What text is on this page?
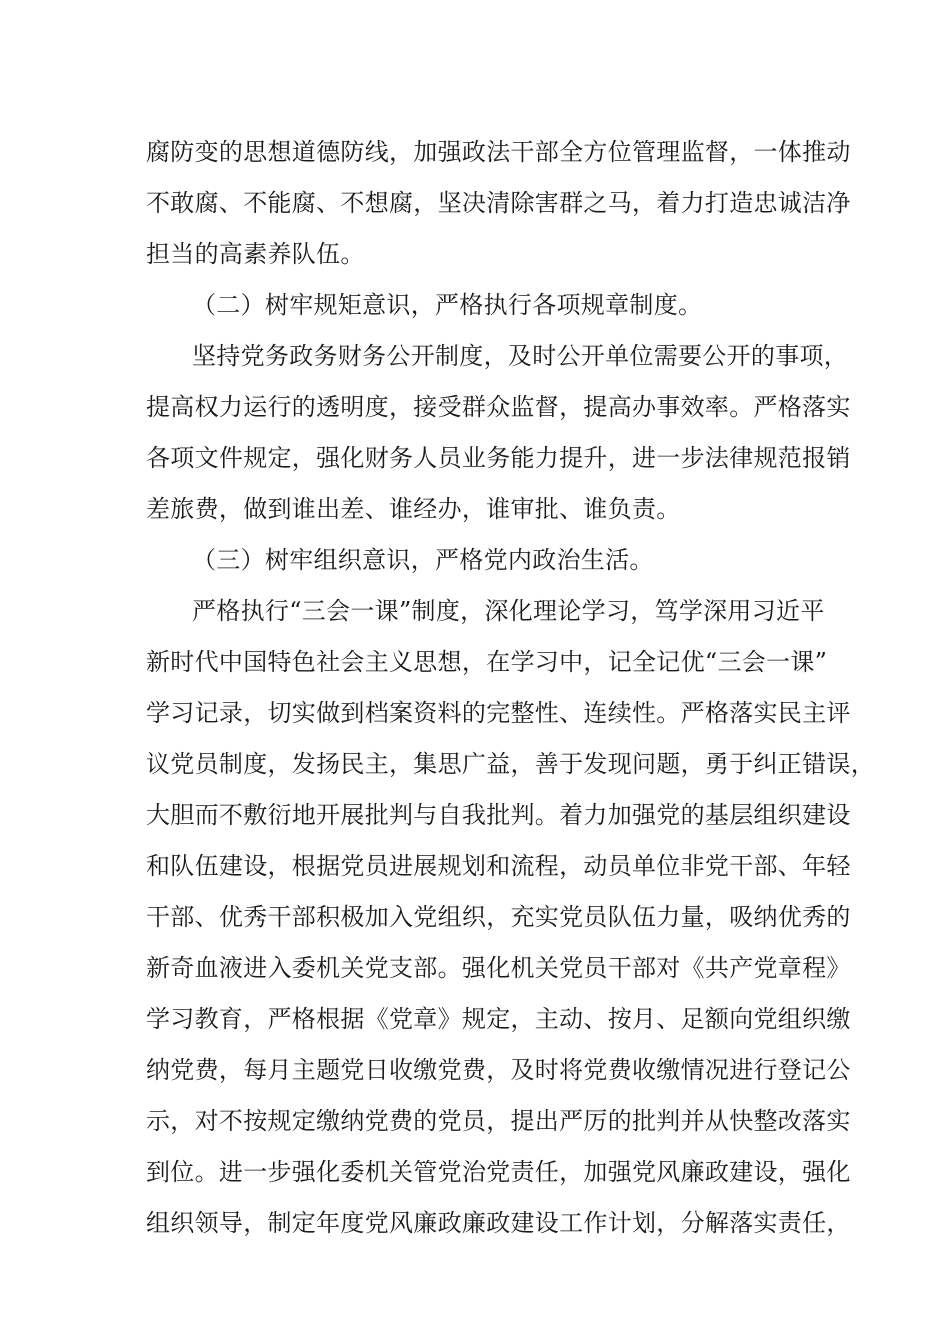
腐防变的思想道德防线，加强政法干部全方位管理监督，一体推动
不敢腐、不能腐、不想腐，坚决清除害群之马，着力打造忠诚洁净
担当的高素养队伍。
（二）树牢规矩意识，严格执行各项规章制度。
坚持党务政务财务公开制度，及时公开单位需要公开的事项，
提高权力运行的透明度，接受群众监督，提高办事效率。严格落实
各项文件规定，强化财务人员业务能力提升，进一步法律规范报销
差旅费，做到谁出差、谁经办，谁审批、谁负责。
（三）树牢组织意识，严格党内政治生活。
严格执行“三会一课”制度，深化理论学习，笃学深用习近平
新时代中国特色社会主义思想，在学习中，记全记优“三会一课”
学习记录，切实做到档案资料的完整性、连续性。严格落实民主评
议党员制度，发扬民主，集思广益，善于发现问题，勇于纠正错误，
大胆而不敷衍地开展批判与自我批判。着力加强党的基层组织建设
和队伍建设，根据党员进展规划和流程，动员单位非党干部、年轻
干部、优秀干部积极加入党组织，充实党员队伍力量，吸纳优秀的
新奇血液进入委机关党支部。强化机关党员干部对《共产党章程》
学习教育，严格根据《党章》规定，主动、按月、足额向党组织缴
纳党费，每月主题党日收缴党费，及时将党费收缴情况进行登记公
示，对不按规定缴纳党费的党员，提出严厉的批判并从快整改落实
到位。进一步强化委机关管党治党责任，加强党风廉政建设，强化
组织领导，制定年度党风廉政廉政建设工作计划，分解落实责任，
